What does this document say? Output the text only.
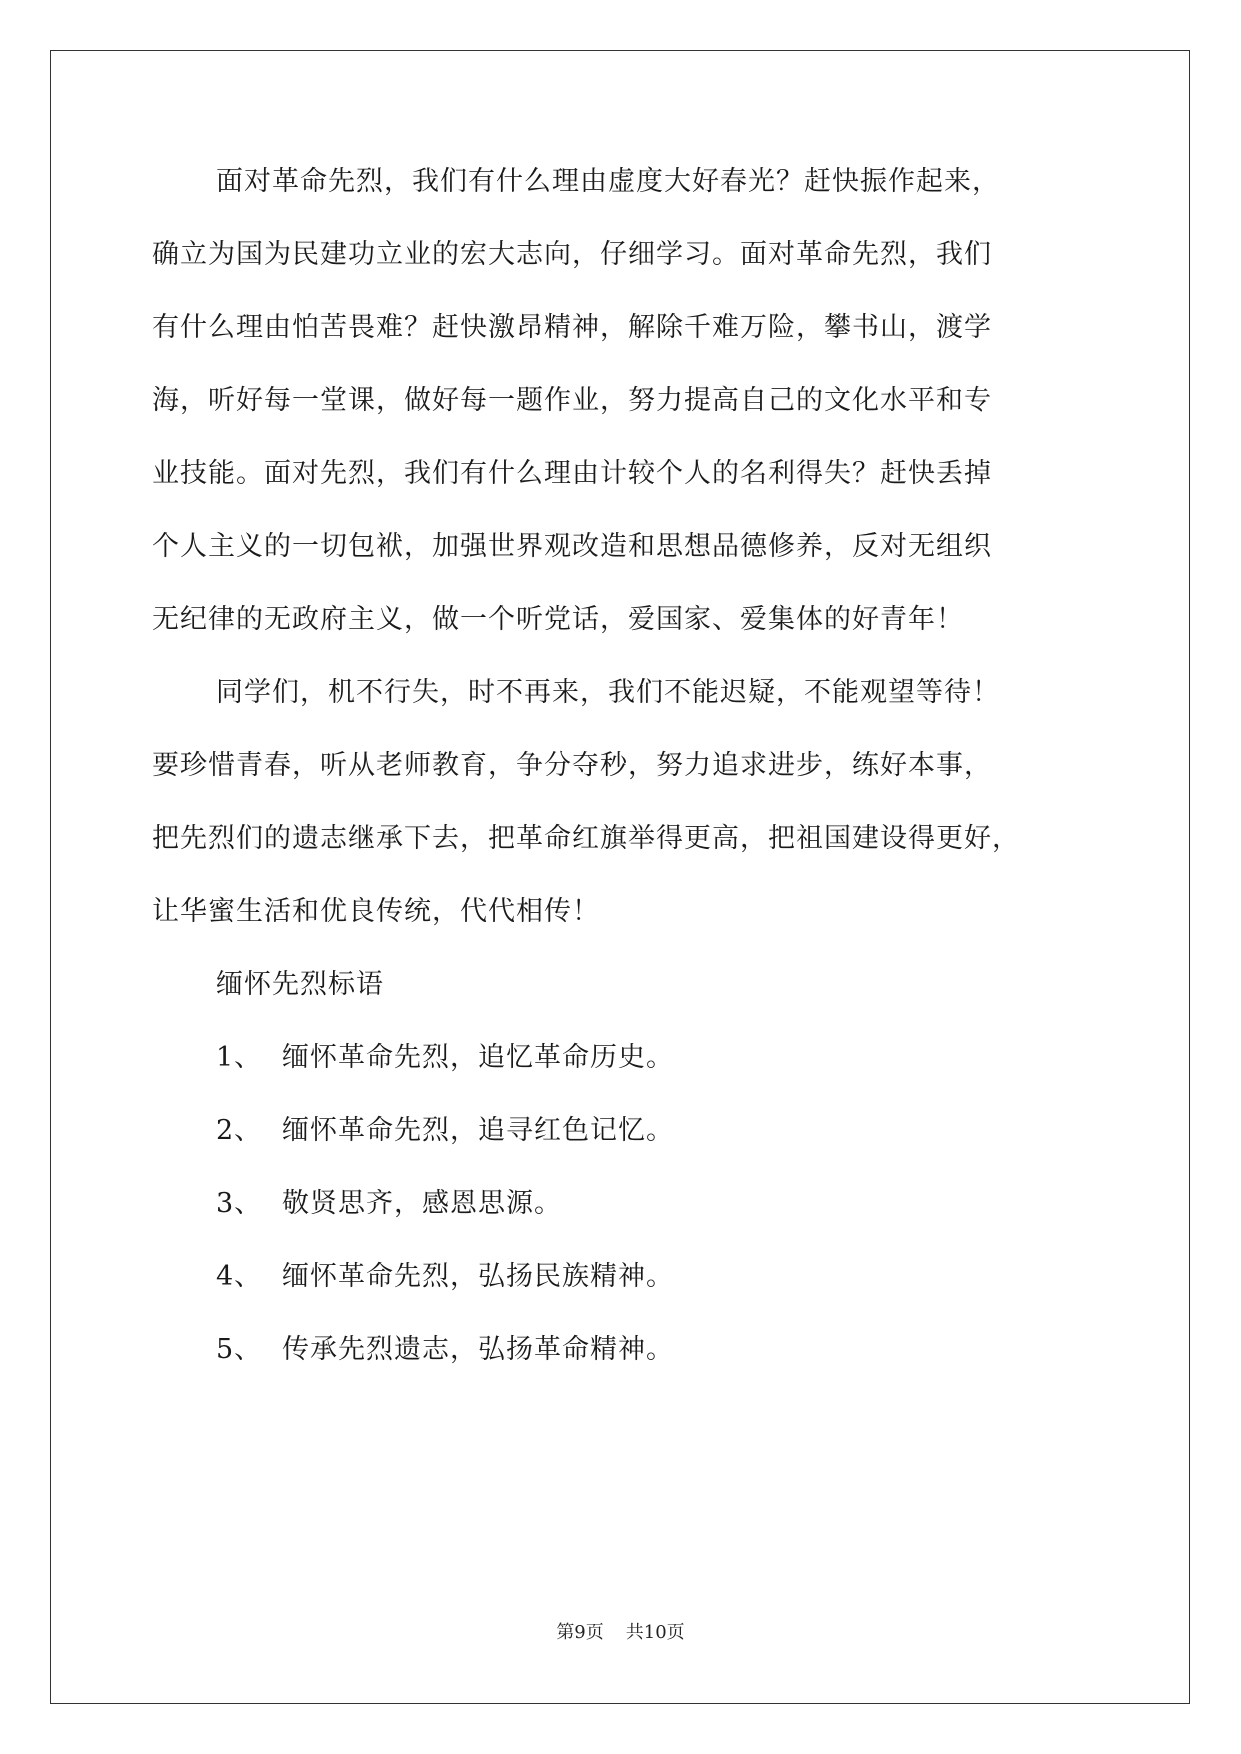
面对革命先烈，我们有什么理由虚度大好春光？赶快振作起来，

确立为国为民建功立业的宏大志向，仔细学习。面对革命先烈，我们

有什么理由怕苦畏难？赶快激昂精神，解除千难万险，攀书山，渡学

海，听好每一堂课，做好每一题作业，努力提高自己的文化水平和专

业技能。面对先烈，我们有什么理由计较个人的名利得失？赶快丢掉

个人主义的一切包袱，加强世界观改造和思想品德修养，反对无组织

无纪律的无政府主义，做一个听党话，爱国家、爱集体的好青年！

同学们，机不行失，时不再来，我们不能迟疑，不能观望等待！

要珍惜青春，听从老师教育，争分夺秒，努力追求进步，练好本事，

把先烈们的遗志继承下去，把革命红旗举得更高，把祖国建设得更好，

让华蜜生活和优良传统，代代相传！

缅怀先烈标语

1、 缅怀革命先烈，追忆革命历史。

2、 缅怀革命先烈，追寻红色记忆。

3、 敬贤思齐，感恩思源。

4、 缅怀革命先烈，弘扬民族精神。

5、 传承先烈遗志，弘扬革命精神。

第9页 共10页
